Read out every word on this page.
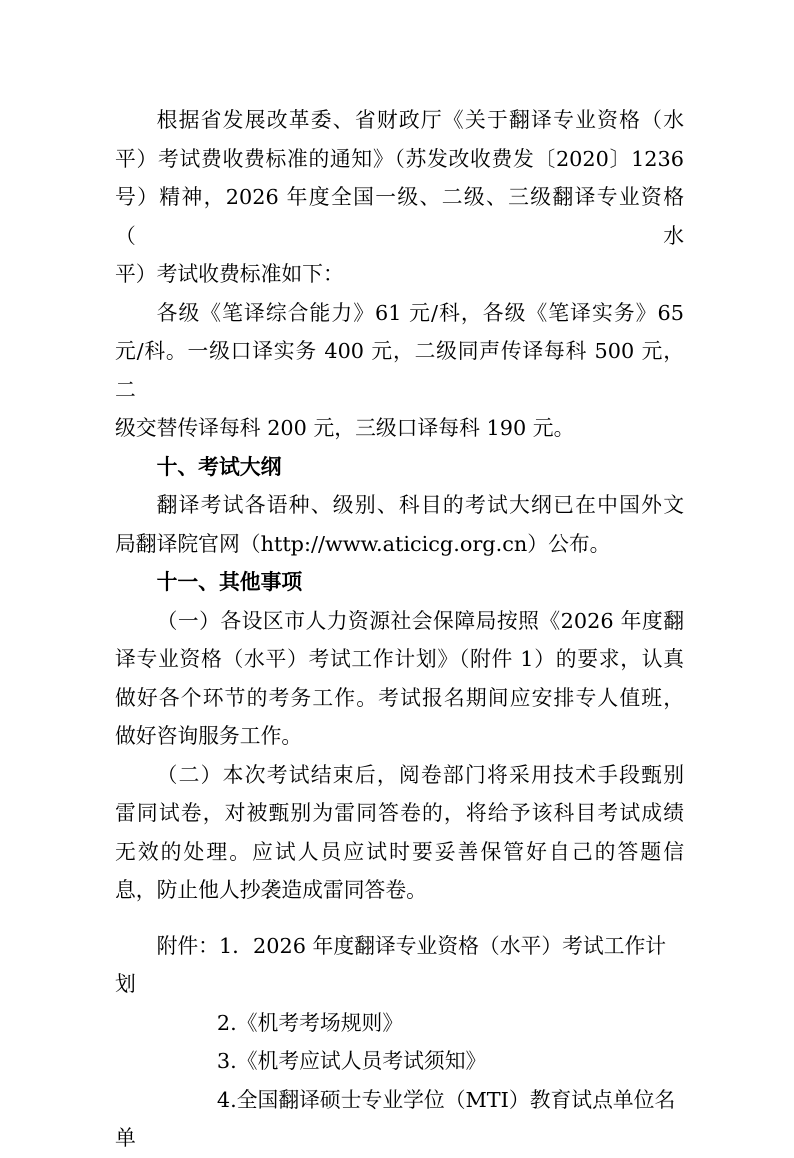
根据省发展改革委、省财政厅《关于翻译专业资格（水
平）考试费收费标准的通知》（苏发改收费发〔2020〕1236
号）精神，2026 年度全国一级、二级、三级翻译专业资格（水
平）考试收费标准如下：
各级《笔译综合能力》61 元/科，各级《笔译实务》65
元/科。一级口译实务 400 元，二级同声传译每科 500 元，二
级交替传译每科 200 元，三级口译每科 190 元。
十、考试大纲
翻译考试各语种、级别、科目的考试大纲已在中国外文
局翻译院官网（http://www.aticicg.org.cn）公布。
十一、其他事项
（一）各设区市人力资源社会保障局按照《2026 年度翻
译专业资格（水平）考试工作计划》（附件 1）的要求，认真
做好各个环节的考务工作。考试报名期间应安排专人值班，
做好咨询服务工作。
（二）本次考试结束后，阅卷部门将采用技术手段甄别
雷同试卷，对被甄别为雷同答卷的，将给予该科目考试成绩
无效的处理。应试人员应试时要妥善保管好自己的答题信
息，防止他人抄袭造成雷同答卷。
附件：1．2026 年度翻译专业资格（水平）考试工作计划
2.《机考考场规则》
3.《机考应试人员考试须知》
4.全国翻译硕士专业学位（MTI）教育试点单位名单
